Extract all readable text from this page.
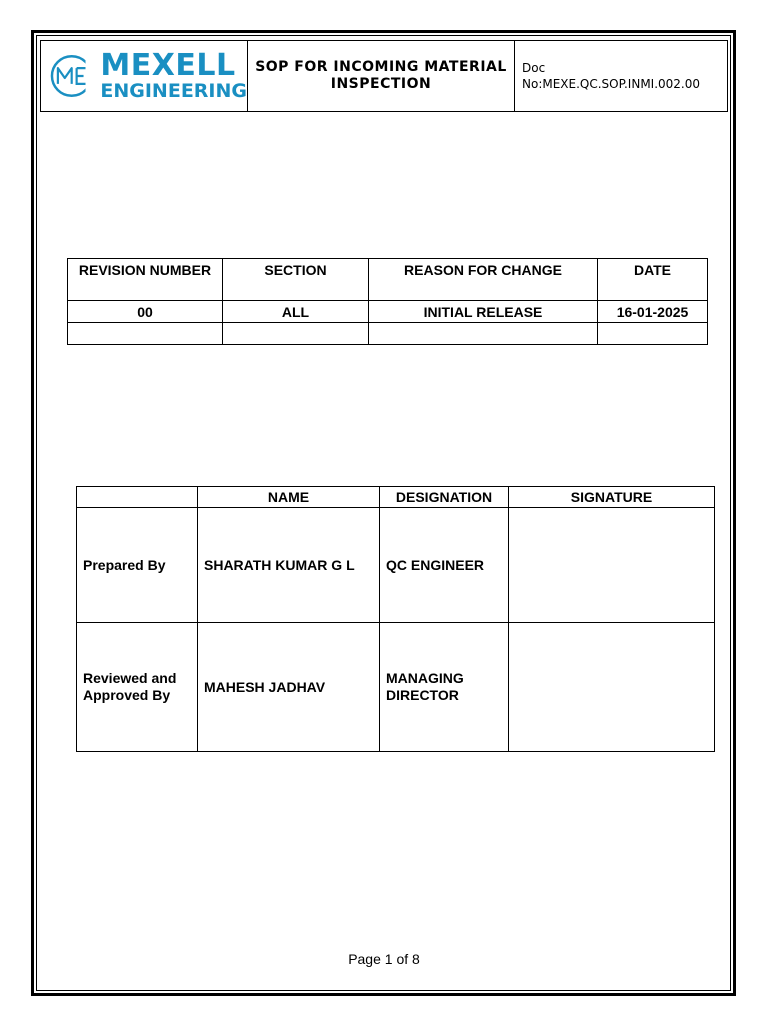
MEXELL
ENGINEERING

SOP FOR INCOMING MATERIAL INSPECTION

Doc
No:MEXE.QC.SOP.INMI.002.00
REVISION NUMBER	SECTION	REASON FOR CHANGE	DATE
00	ALL	INITIAL RELEASE	16-01-2025

	NAME	DESIGNATION	SIGNATURE
Prepared By	SHARATH KUMAR G L	QC ENGINEER	
Reviewed and Approved By	MAHESH JADHAV	MANAGING DIRECTOR	
Page 1 of 8
